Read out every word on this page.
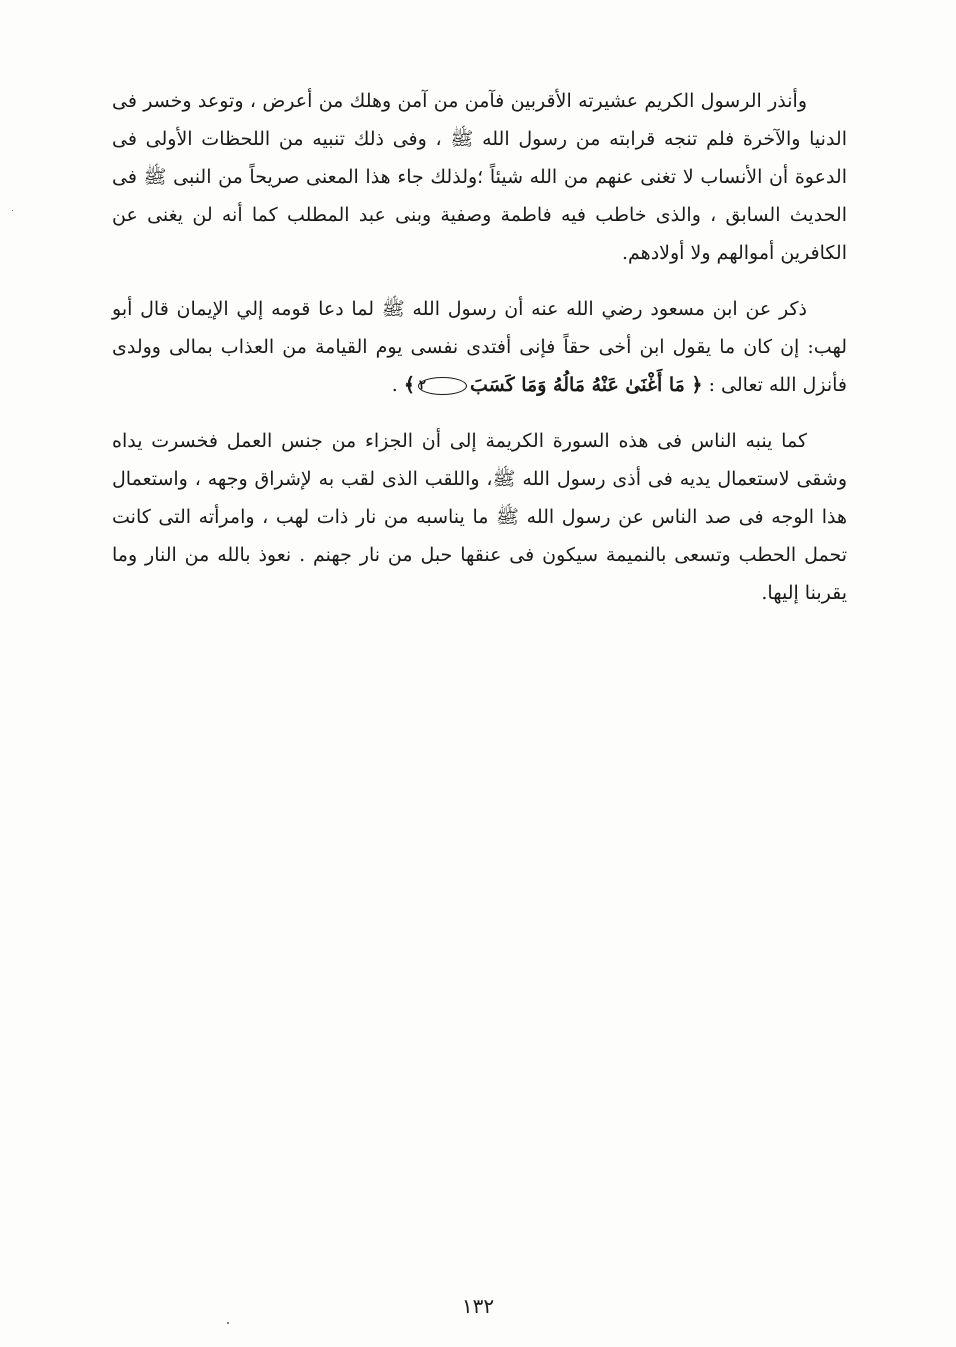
وأنذر الرسول الكريم عشيرته الأقربين فآمن من آمن وهلك من أعرض ، وتوعد وخسر فى الدنيا والآخرة فلم تنجه قرابته من رسول الله ﷺ ، وفى ذلك تنبيه من اللحظات الأولى فى الدعوة أن الأنساب لا تغنى عنهم من الله شيئاً ؛ولذلك جاء هذا المعنى صريحاً من النبى ﷺ فى الحديث السابق ، والذى خاطب فيه فاطمة وصفية وبنى عبد المطلب كما أنه لن يغنى عن الكافرين أموالهم ولا أولادهم.

ذكر عن ابن مسعود رضي الله عنه أن رسول الله ﷺ لما دعا قومه إلي الإيمان قال أبو لهب: إن كان ما يقول ابن أخى حقاً فإنى أفتدى نفسى يوم القيامة من العذاب بمالى وولدى فأنزل الله تعالى : ﴿ مَا أَغْنَىٰ عَنْهُ مَالُهُ وَمَا كَسَبَ٢﴾ .

كما ينبه الناس فى هذه السورة الكريمة إلى أن الجزاء من جنس العمل فخسرت يداه وشقى لاستعمال يديه فى أذى رسول الله ﷺ، واللقب الذى لقب به لإشراق وجهه ، واستعمال هذا الوجه فى صد الناس عن رسول الله ﷺ ما يناسبه من نار ذات لهب ، وامرأته التى كانت تحمل الحطب وتسعى بالنميمة سيكون فى عنقها حبل من نار جهنم . نعوذ بالله من النار وما يقربنا إليها.

١٣٢
